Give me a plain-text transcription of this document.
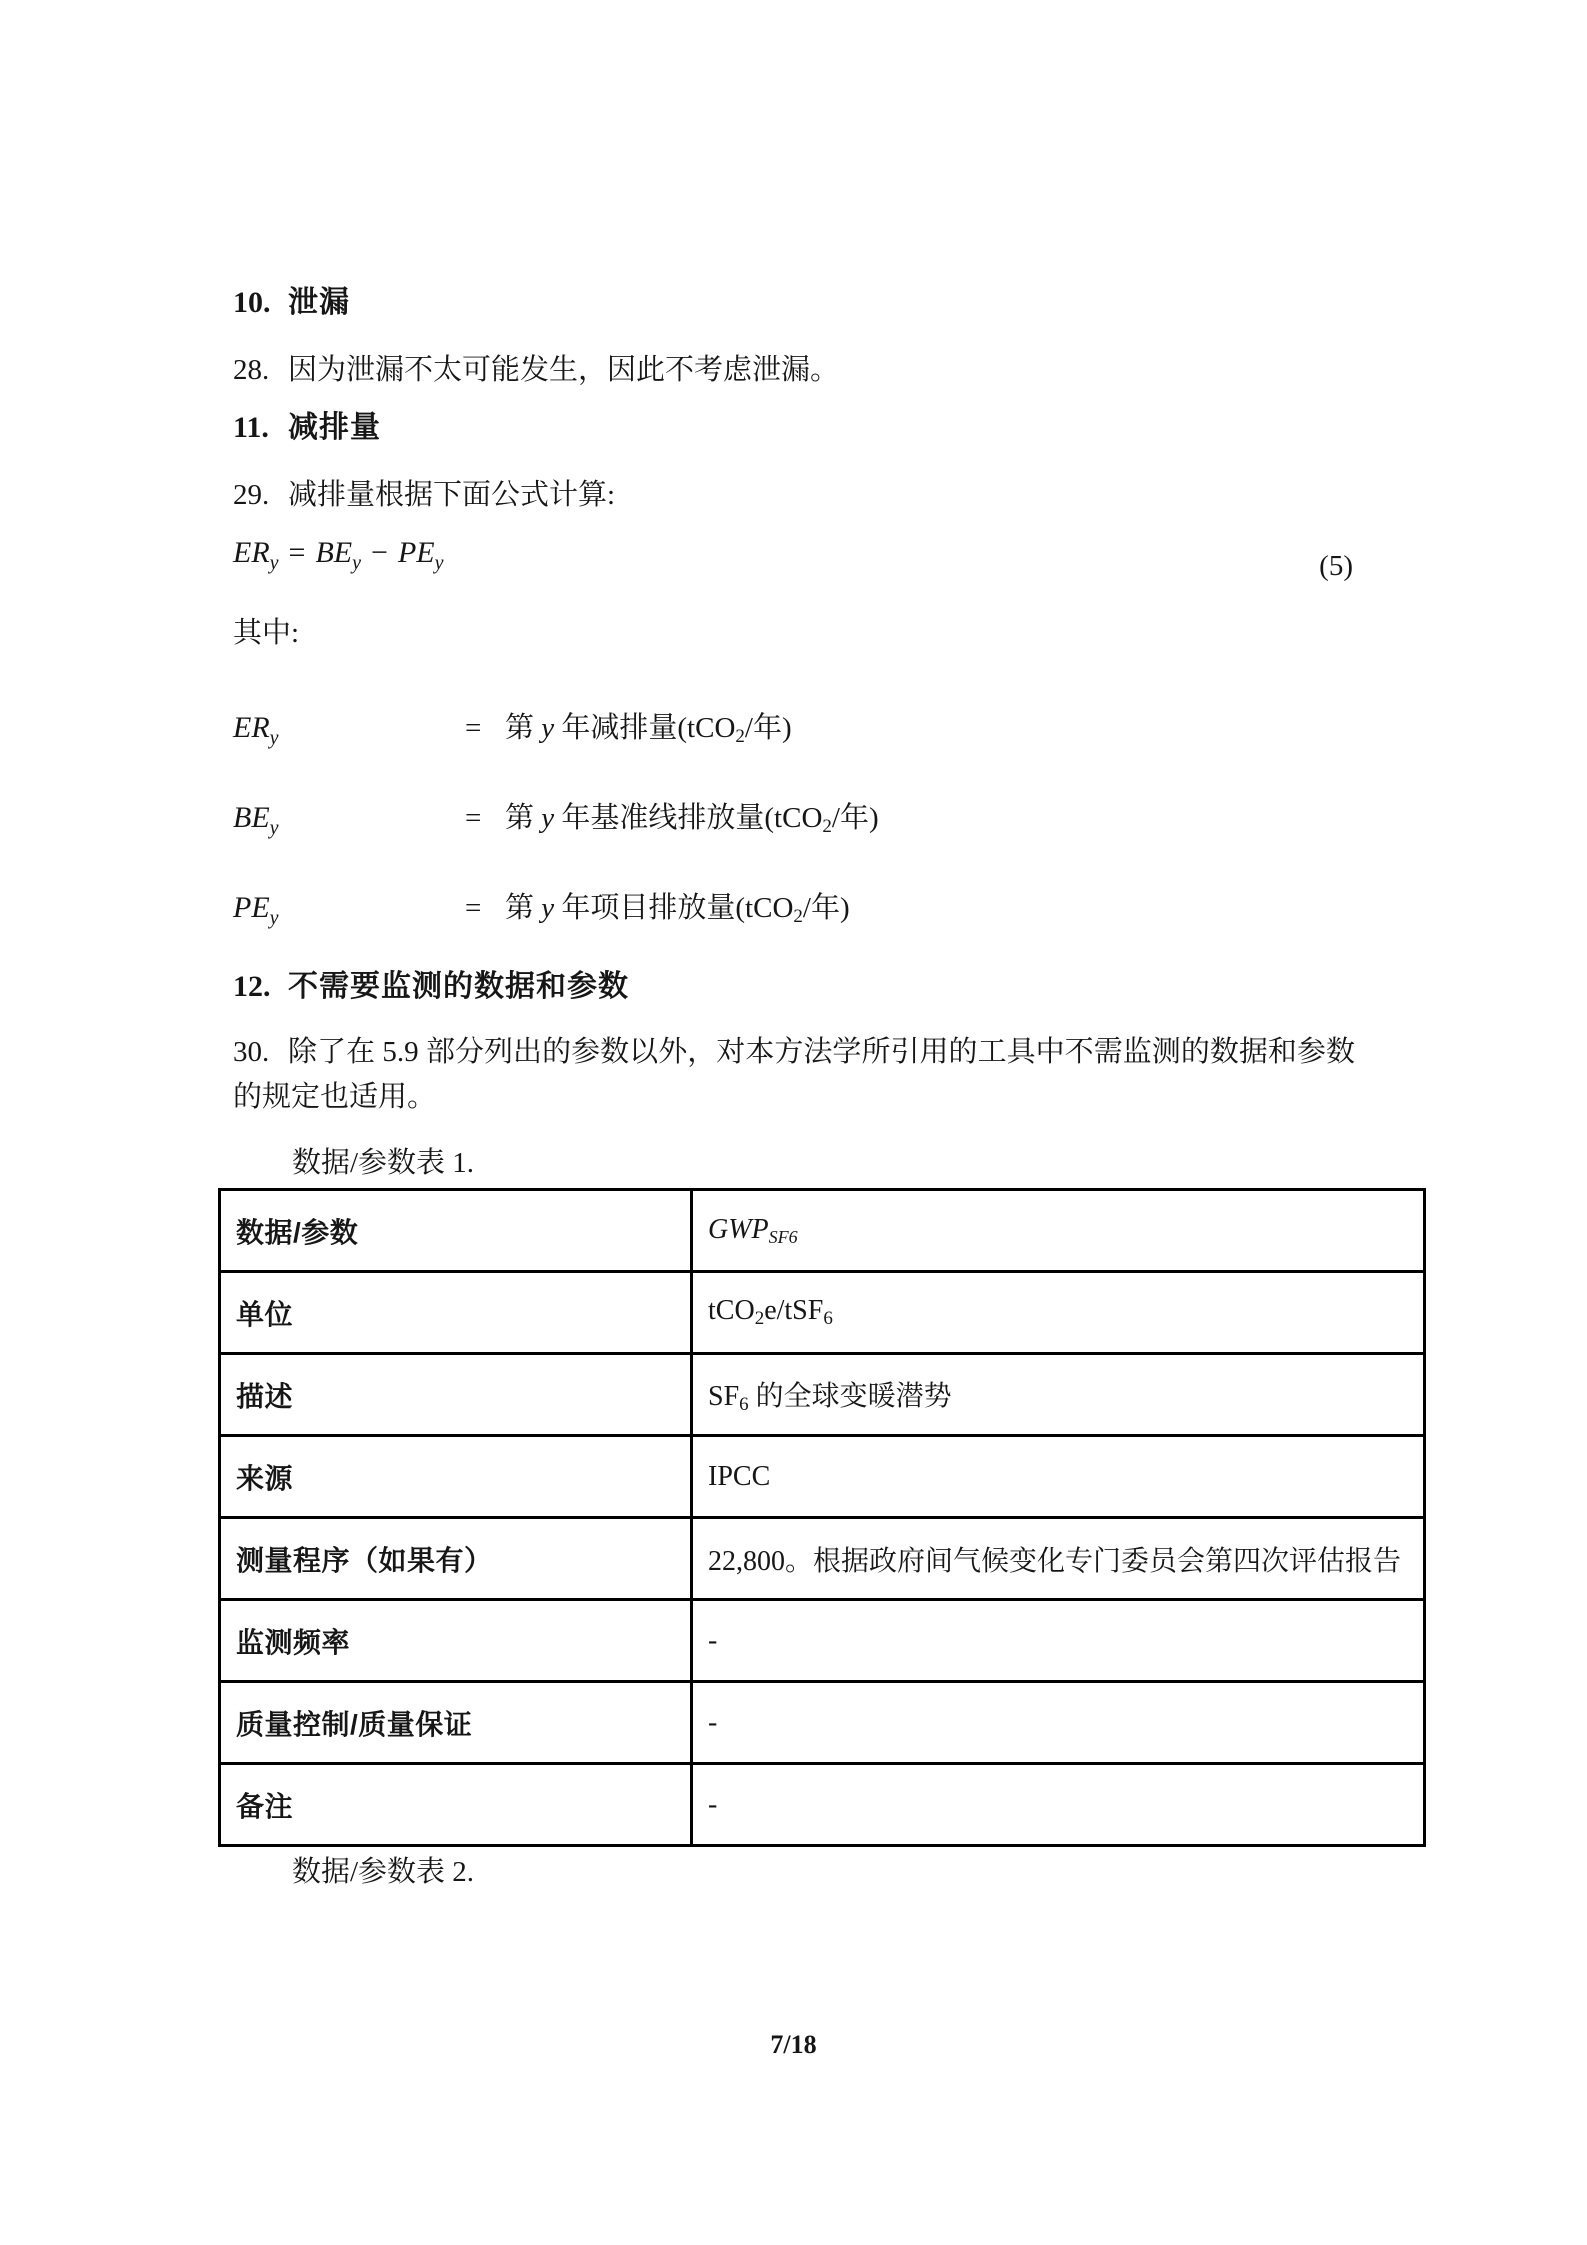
10. 泄漏
28. 因为泄漏不太可能发生，因此不考虑泄漏。
11. 减排量
29. 减排量根据下面公式计算:
$ER_y = BE_y - PE_y$	(5)
其中:
$ER_y$	= 第 y 年减排量(tCO2/年)
$BE_y$	= 第 y 年基准线排放量(tCO2/年)
$PE_y$	= 第 y 年项目排放量(tCO2/年)
12. 不需要监测的数据和参数
30. 除了在 5.9 部分列出的参数以外，对本方法学所引用的工具中不需监测的数据和参数的规定也适用。
数据/参数表 1.
数据/参数	GWPSF6
单位	tCO2e/tSF6
描述	SF6 的全球变暖潜势
来源	IPCC
测量程序（如果有）	22,800。根据政府间气候变化专门委员会第四次评估报告
监测频率	-
质量控制/质量保证	-
备注	-
数据/参数表 2.
7/18
